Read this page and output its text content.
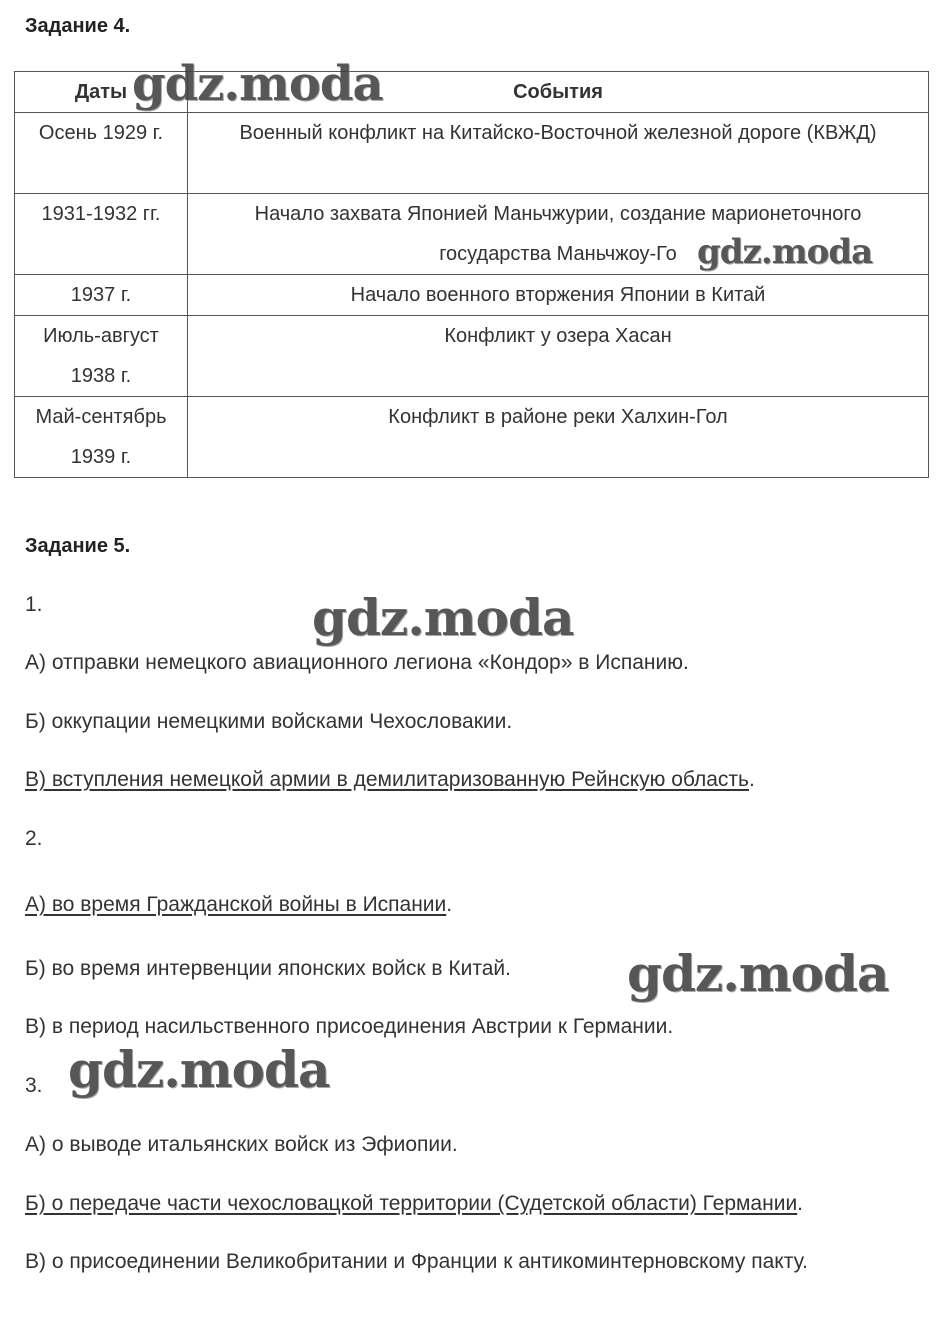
Задание 4.
Даты	События
Осень 1929 г.	Военный конфликт на Китайско-Восточной железной дороге (КВЖД)
1931-1932 гг.	Начало захвата Японией Маньчжурии, создание марионеточного государства Маньчжоу-Го
1937 г.	Начало военного вторжения Японии в Китай
Июль-август 1938 г.	Конфликт у озера Хасан
Май-сентябрь 1939 г.	Конфликт в районе реки Халхин-Гол
Задание 5.
1.
А) отправки немецкого авиационного легиона «Кондор» в Испанию.
Б) оккупации немецкими войсками Чехословакии.
В) вступления немецкой армии в демилитаризованную Рейнскую область.
2.
А) во время Гражданской войны в Испании.
Б) во время интервенции японских войск в Китай.
В) в период насильственного присоединения Австрии к Германии.
3.
А) о выводе итальянских войск из Эфиопии.
Б) о передаче части чехословацкой территории (Судетской области) Германии.
В) о присоединении Великобритании и Франции к антикоминтерновскому пакту.
gdz.moda
gdz.moda
gdz.moda
gdz.moda
gdz.moda
